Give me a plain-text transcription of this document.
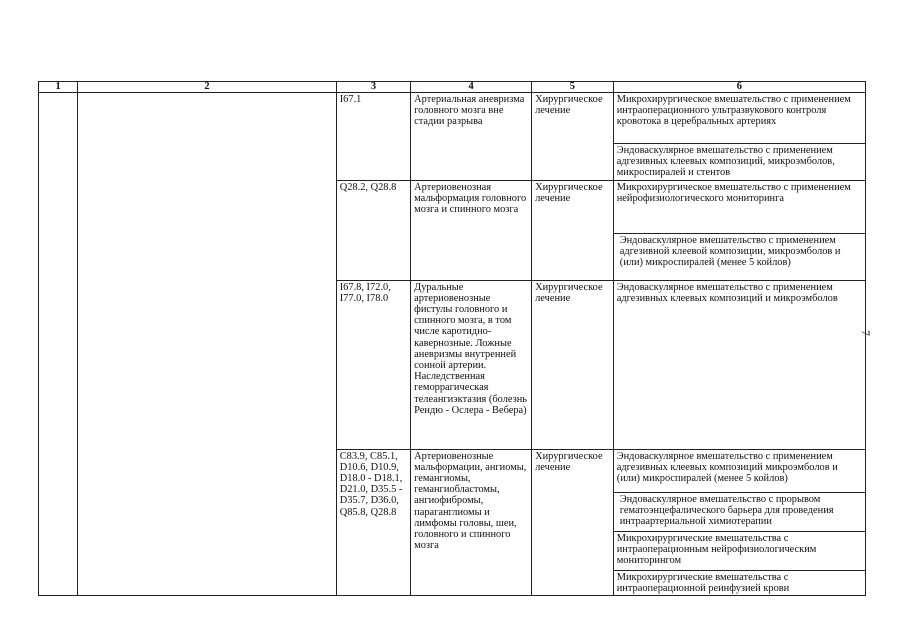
1	2	3	4	5	6
		I67.1	Артериальная аневризма головного мозга вне стадии разрыва	Хирургическое лечение	Микрохирургическое вмешательство с применением интраоперационного ультразвукового контроля кровотока в церебральных артериях
					Эндоваскулярное вмешательство с применением адгезивных клеевых композиций, микроэмболов, микроспиралей и стентов
		Q28.2, Q28.8	Артериовенозная мальформация головного мозга и спинного мозга	Хирургическое лечение	Микрохирургическое вмешательство с применением нейрофизиологического мониторинга
					Эндоваскулярное вмешательство с применением адгезивной клеевой композиции, микроэмболов и (или) микроспиралей (менее 5 койлов)
		I67.8, I72.0, I77.0, I78.0	Дуральные артериовенозные фистулы головного и спинного мозга, в том числе каротидно-кавернозные. Ложные аневризмы внутренней сонной артерии. Наследственная геморрагическая телеангиэктазия (болезнь Рендю - Ослера - Вебера)	Хирургическое лечение	Эндоваскулярное вмешательство с применением адгезивных клеевых композиций и микроэмболов
		C83.9, C85.1, D10.6, D10.9, D18.0 - D18.1, D21.0, D35.5 - D35.7, D36.0, Q85.8, Q28.8	Артериовенозные мальформации, ангиомы, гемангиомы, гемангиобластомы, ангиофибромы, параганглиомы и лимфомы головы, шеи, головного и спинного мозга	Хирургическое лечение	Эндоваскулярное вмешательство с применением адгезивных клеевых композиций микроэмболов и (или) микроспиралей (менее 5 койлов)
					Эндоваскулярное вмешательство с прорывом гематоэнцефалического барьера для проведения интраартериальной химиотерапии
					Микрохирургические вмешательства с интраоперационным нейрофизиологическим мониторингом
					Микрохирургические вмешательства с интраоперационной реинфузией крови
7
